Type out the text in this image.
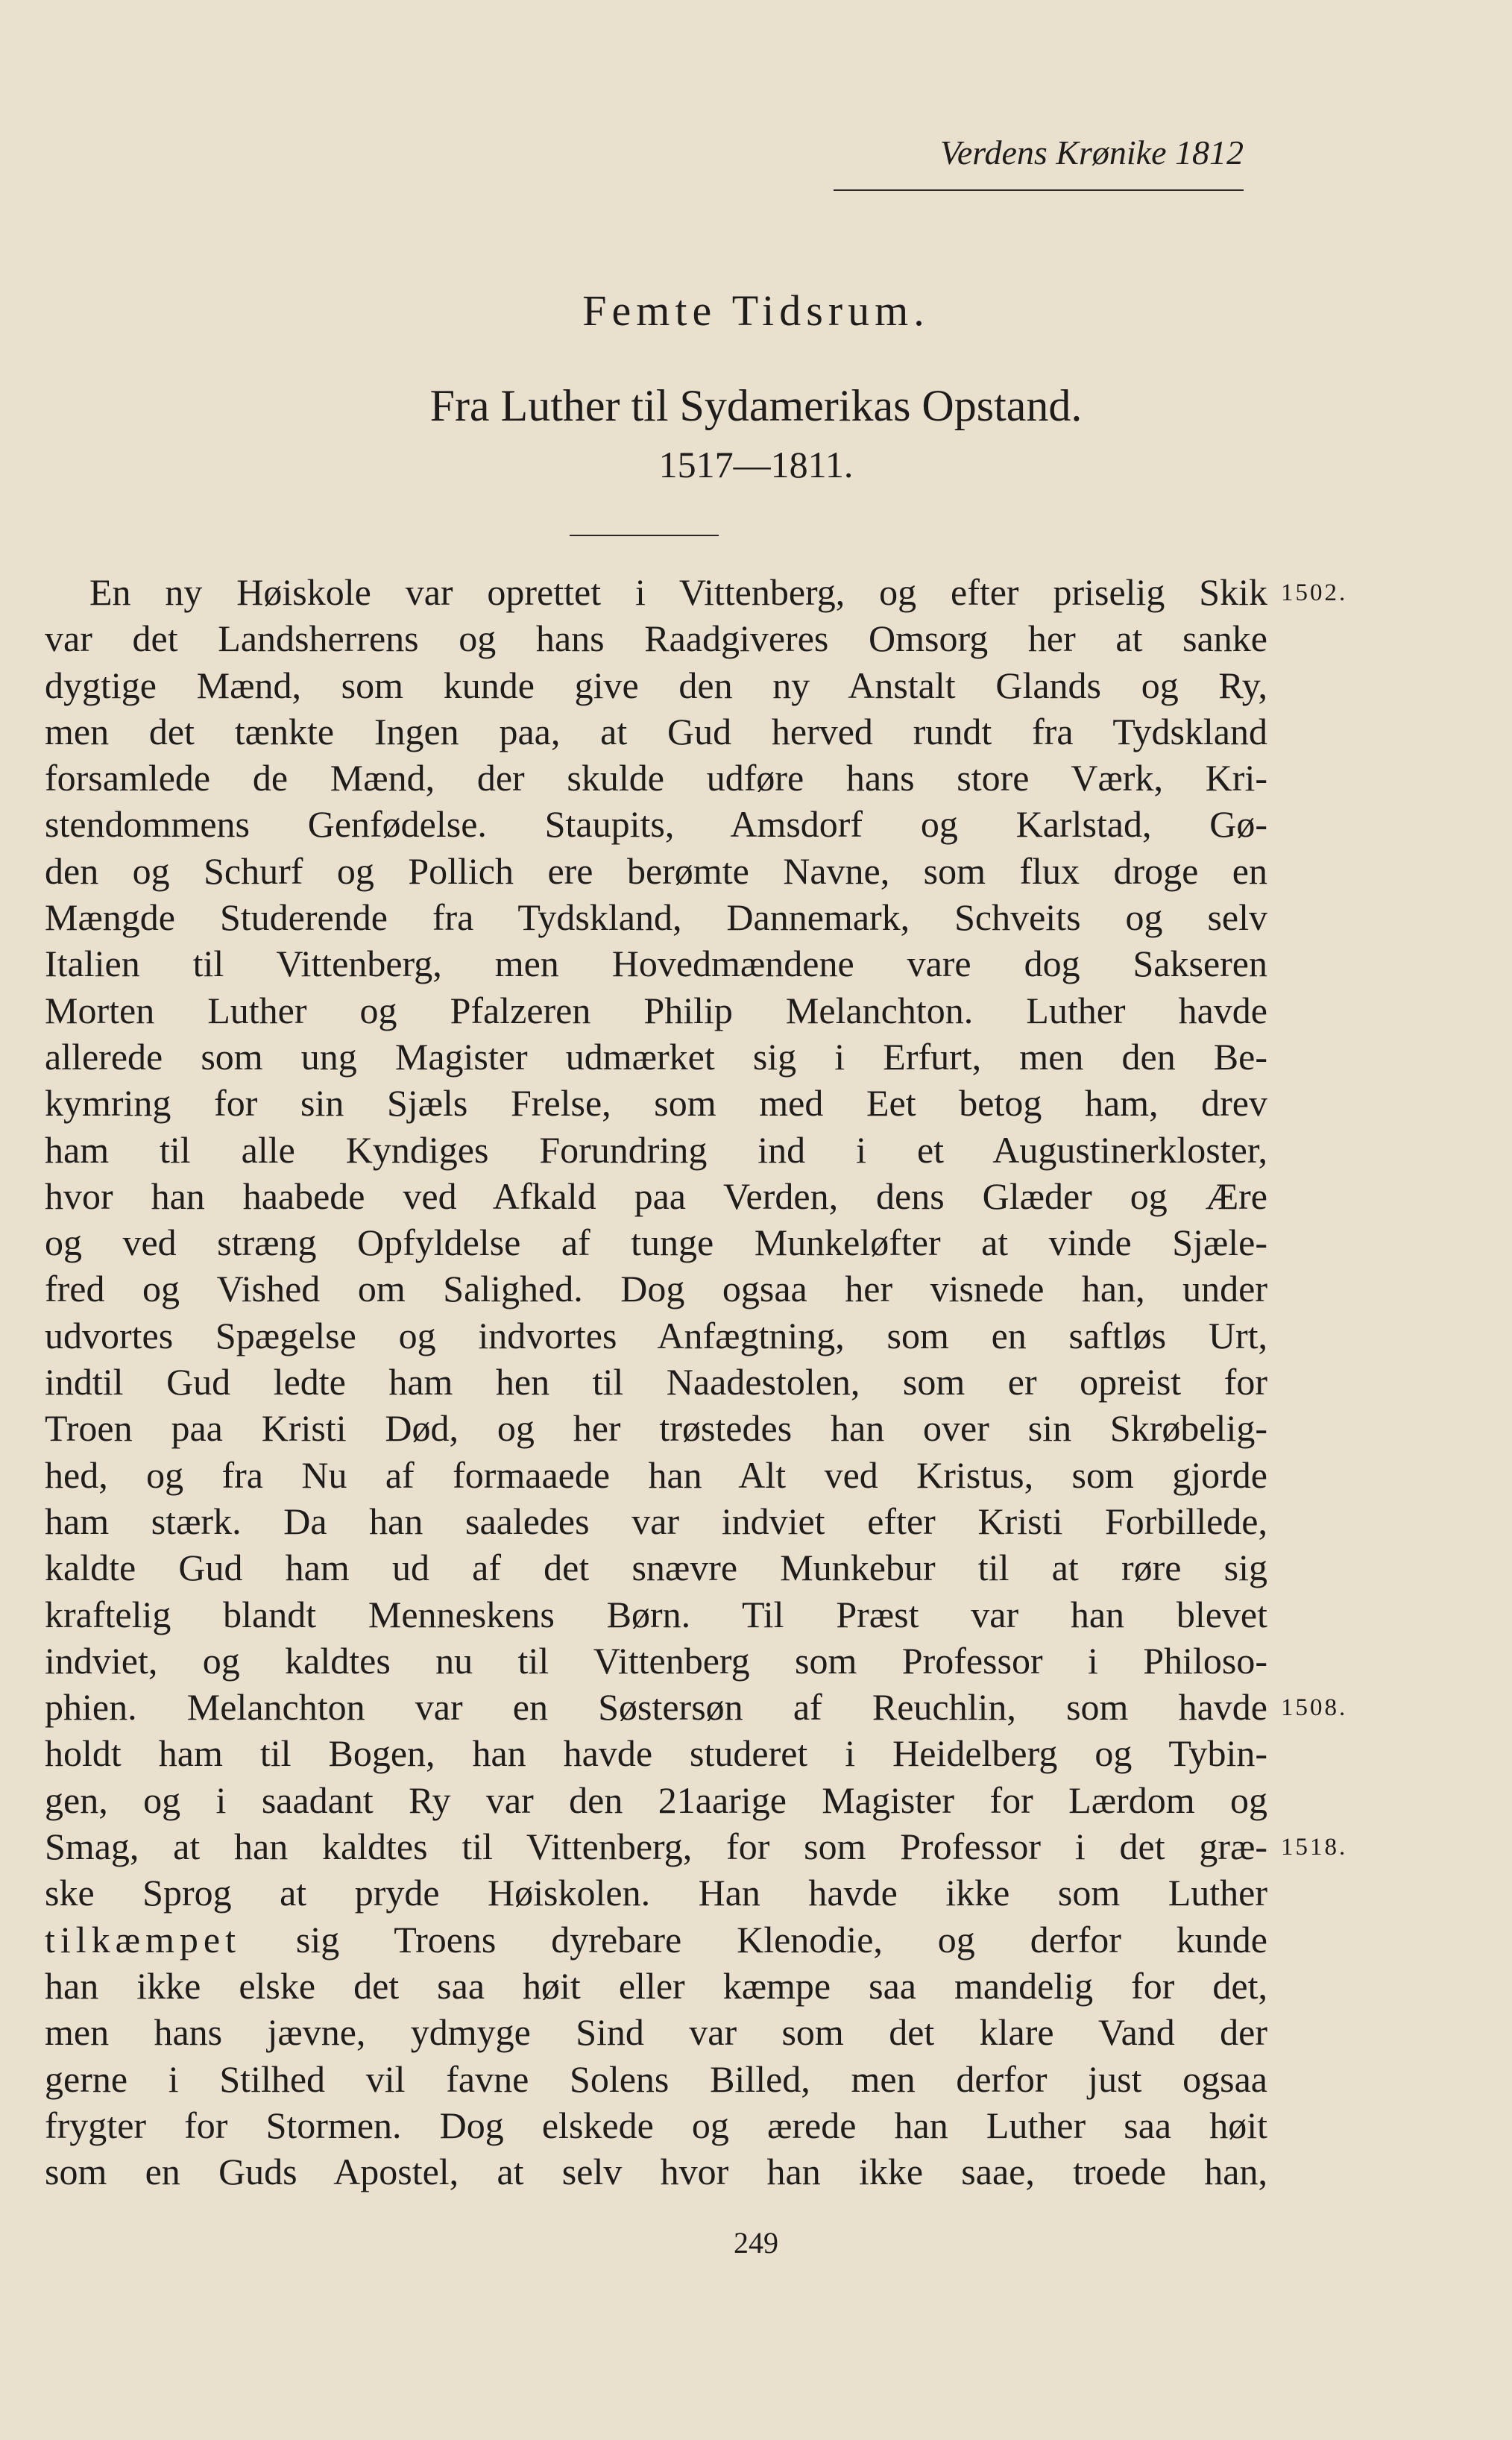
Verdens Krønike 1812
Femte Tidsrum.
Fra Luther til Sydamerikas Opstand.
1517—1811.
En ny Høiskole var oprettet i Vittenberg, og efter priselig Skik
var det Landsherrens og hans Raadgiveres Omsorg her at sanke
dygtige Mænd, som kunde give den ny Anstalt Glands og Ry,
men det tænkte Ingen paa, at Gud herved rundt fra Tydskland
forsamlede de Mænd, der skulde udføre hans store Værk, Kri-
stendommens Genfødelse. Staupits, Amsdorf og Karlstad, Gø-
den og Schurf og Pollich ere berømte Navne, som flux droge en
Mængde Studerende fra Tydskland, Dannemark, Schveits og selv
Italien til Vittenberg, men Hovedmændene vare dog Sakseren
Morten Luther og Pfalzeren Philip Melanchton. Luther havde
allerede som ung Magister udmærket sig i Erfurt, men den Be-
kymring for sin Sjæls Frelse, som med Eet betog ham, drev
ham til alle Kyndiges Forundring ind i et Augustinerkloster,
hvor han haabede ved Afkald paa Verden, dens Glæder og Ære
og ved stræng Opfyldelse af tunge Munkeløfter at vinde Sjæle-
fred og Vished om Salighed. Dog ogsaa her visnede han, under
udvortes Spægelse og indvortes Anfægtning, som en saftløs Urt,
indtil Gud ledte ham hen til Naadestolen, som er opreist for
Troen paa Kristi Død, og her trøstedes han over sin Skrøbelig-
hed, og fra Nu af formaaede han Alt ved Kristus, som gjorde
ham stærk. Da han saaledes var indviet efter Kristi Forbillede,
kaldte Gud ham ud af det snævre Munkebur til at røre sig
kraftelig blandt Menneskens Børn. Til Præst var han blevet
indviet, og kaldtes nu til Vittenberg som Professor i Philoso-
phien. Melanchton var en Søstersøn af Reuchlin, som havde
holdt ham til Bogen, han havde studeret i Heidelberg og Tybin-
gen, og i saadant Ry var den 21aarige Magister for Lærdom og
Smag, at han kaldtes til Vittenberg, for som Professor i det græ-
ske Sprog at pryde Høiskolen. Han havde ikke som Luther
tilkæmpet sig Troens dyrebare Klenodie, og derfor kunde
han ikke elske det saa høit eller kæmpe saa mandelig for det,
men hans jævne, ydmyge Sind var som det klare Vand der
gerne i Stilhed vil favne Solens Billed, men derfor just ogsaa
frygter for Stormen. Dog elskede og ærede han Luther saa høit
som en Guds Apostel, at selv hvor han ikke saae, troede han,
249
1502.
1508.
1518.
